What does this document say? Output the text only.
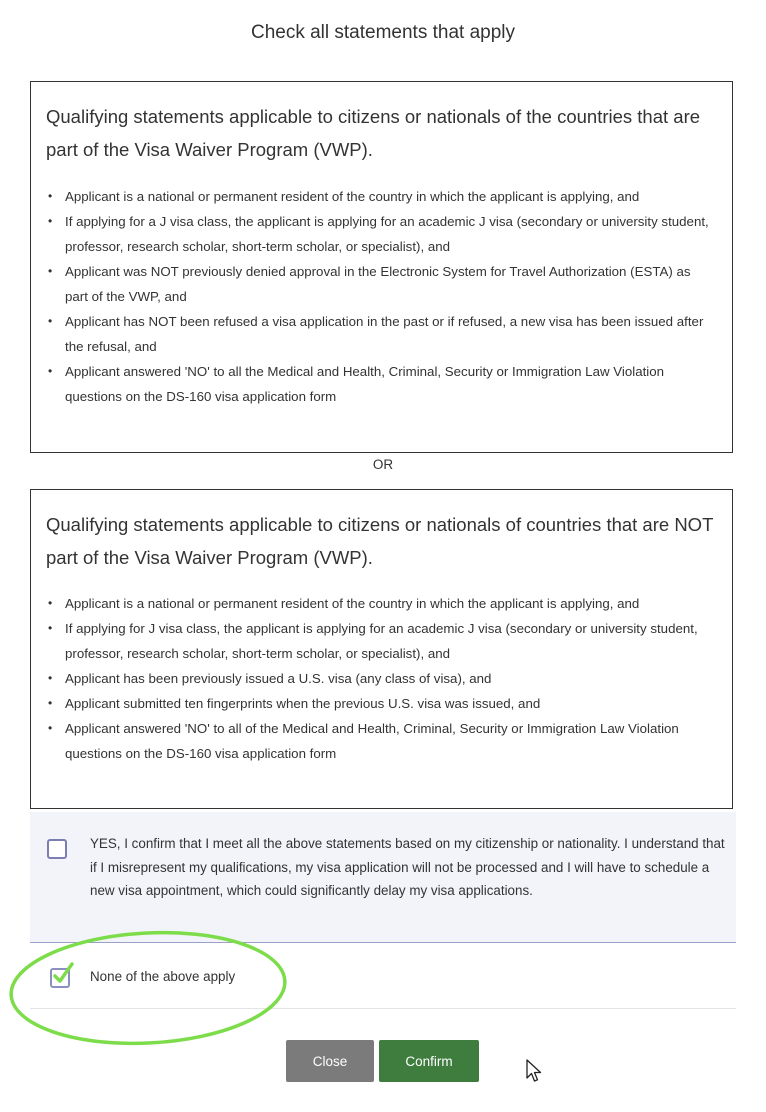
Check all statements that apply
Qualifying statements applicable to citizens or nationals of the countries that are part of the Visa Waiver Program (VWP).
• Applicant is a national or permanent resident of the country in which the applicant is applying, and
• If applying for a J visa class, the applicant is applying for an academic J visa (secondary or university student, professor, research scholar, short-term scholar, or specialist), and
• Applicant was NOT previously denied approval in the Electronic System for Travel Authorization (ESTA) as part of the VWP, and
• Applicant has NOT been refused a visa application in the past or if refused, a new visa has been issued after the refusal, and
• Applicant answered 'NO' to all the Medical and Health, Criminal, Security or Immigration Law Violation questions on the DS-160 visa application form
OR
Qualifying statements applicable to citizens or nationals of countries that are NOT part of the Visa Waiver Program (VWP).
• Applicant is a national or permanent resident of the country in which the applicant is applying, and
• If applying for J visa class, the applicant is applying for an academic J visa (secondary or university student, professor, research scholar, short-term scholar, or specialist), and
• Applicant has been previously issued a U.S. visa (any class of visa), and
• Applicant submitted ten fingerprints when the previous U.S. visa was issued, and
• Applicant answered 'NO' to all of the Medical and Health, Criminal, Security or Immigration Law Violation questions on the DS-160 visa application form
YES, I confirm that I meet all the above statements based on my citizenship or nationality. I understand that if I misrepresent my qualifications, my visa application will not be processed and I will have to schedule a new visa appointment, which could significantly delay my visa applications.
None of the above apply
Close	Confirm
